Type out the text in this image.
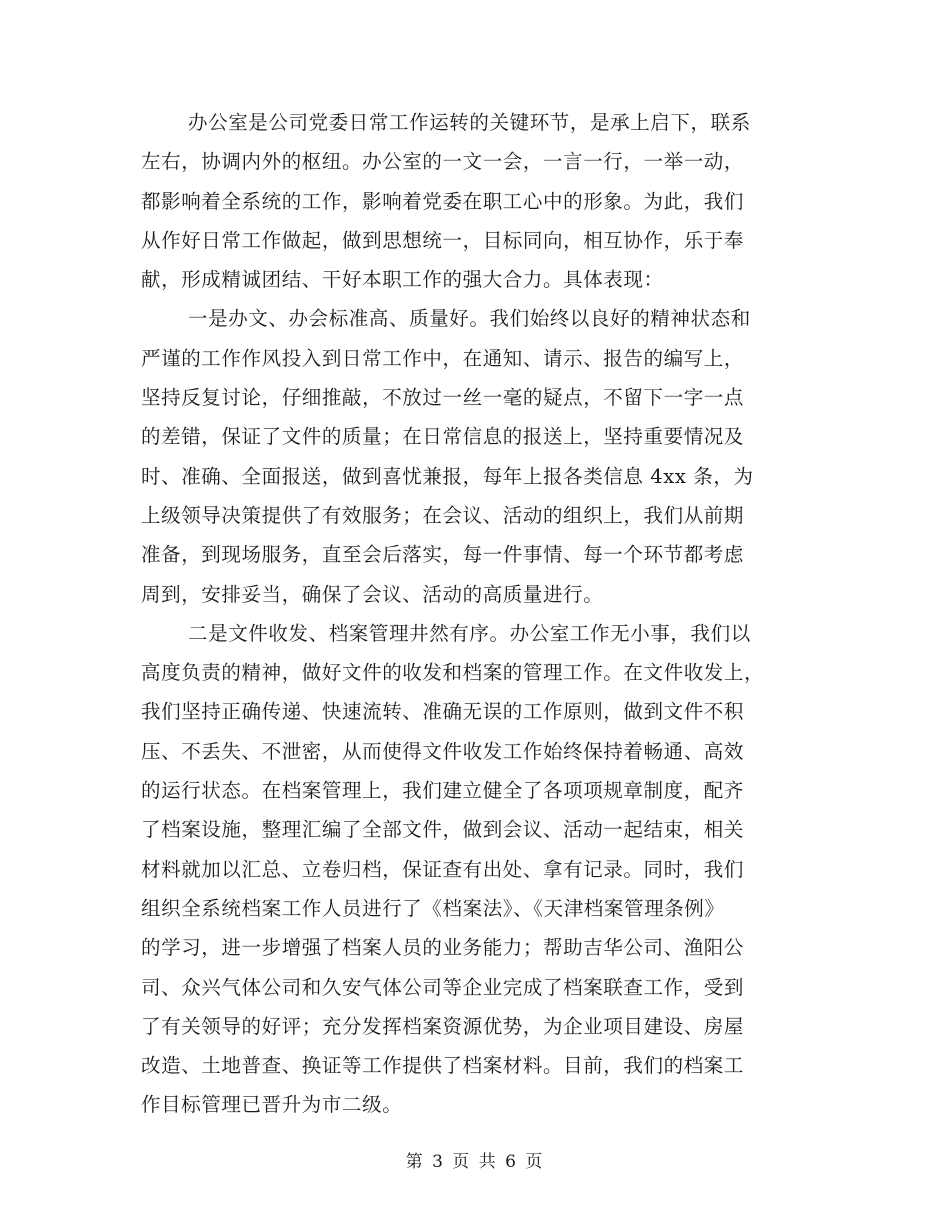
办公室是公司党委日常工作运转的关键环节，是承上启下，联系
左右，协调内外的枢纽。办公室的一文一会，一言一行，一举一动，
都影响着全系统的工作，影响着党委在职工心中的形象。为此，我们
从作好日常工作做起，做到思想统一，目标同向，相互协作，乐于奉
献，形成精诚团结、干好本职工作的强大合力。具体表现：
一是办文、办会标准高、质量好。我们始终以良好的精神状态和
严谨的工作作风投入到日常工作中，在通知、请示、报告的编写上，
坚持反复讨论，仔细推敲，不放过一丝一毫的疑点，不留下一字一点
的差错，保证了文件的质量；在日常信息的报送上，坚持重要情况及
时、准确、全面报送，做到喜忧兼报，每年上报各类信息 4xx 条，为
上级领导决策提供了有效服务；在会议、活动的组织上，我们从前期
准备，到现场服务，直至会后落实，每一件事情、每一个环节都考虑
周到，安排妥当，确保了会议、活动的高质量进行。
二是文件收发、档案管理井然有序。办公室工作无小事，我们以
高度负责的精神，做好文件的收发和档案的管理工作。在文件收发上，
我们坚持正确传递、快速流转、准确无误的工作原则，做到文件不积
压、不丢失、不泄密，从而使得文件收发工作始终保持着畅通、高效
的运行状态。在档案管理上，我们建立健全了各项项规章制度，配齐
了档案设施，整理汇编了全部文件，做到会议、活动一起结束，相关
材料就加以汇总、立卷归档，保证查有出处、拿有记录。同时，我们
组织全系统档案工作人员进行了《档案法》、《天津档案管理条例》
的学习，进一步增强了档案人员的业务能力；帮助吉华公司、渔阳公
司、众兴气体公司和久安气体公司等企业完成了档案联查工作，受到
了有关领导的好评；充分发挥档案资源优势，为企业项目建设、房屋
改造、土地普查、换证等工作提供了档案材料。目前，我们的档案工
作目标管理已晋升为市二级。
第 3 页 共 6 页
